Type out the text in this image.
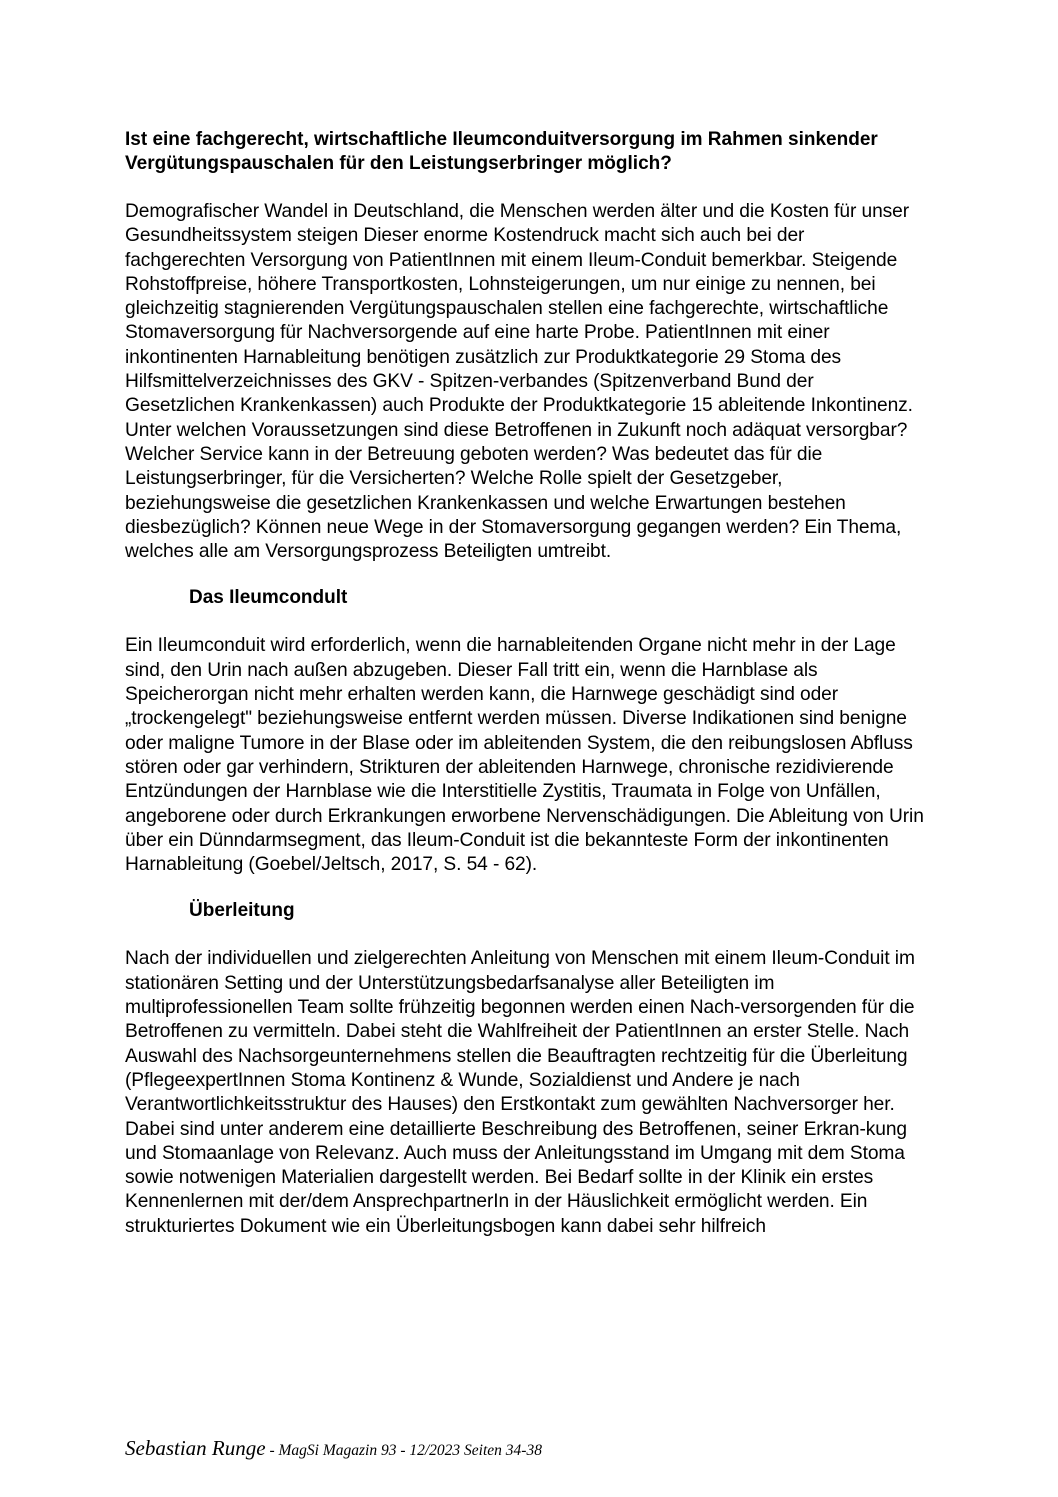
Ist eine fachgerecht, wirtschaftliche Ileumconduitversorgung im Rahmen sinkender Vergütungspauschalen für den Leistungserbringer möglich?

Demografischer Wandel in Deutschland, die Menschen werden älter und die Kosten für unser Gesundheitssystem steigen Dieser enorme Kostendruck macht sich auch bei der fachgerechten Versorgung von PatientInnen mit einem Ileum-Conduit bemerkbar. Steigende Rohstoffpreise, höhere Transportkosten, Lohnsteigerungen, um nur einige zu nennen, bei gleichzeitig stagnierenden Vergütungspauschalen stellen eine fachgerechte, wirtschaftliche Stomaversorgung für Nachversorgende auf eine harte Probe. PatientInnen mit einer inkontinenten Harnableitung benötigen zusätzlich zur Produktkategorie 29 Stoma des Hilfsmittelverzeichnisses des GKV - Spitzen-verbandes (Spitzenverband Bund der Gesetzlichen Krankenkassen) auch Produkte der Produktkategorie 15 ableitende Inkontinenz. Unter welchen Voraussetzungen sind diese Betroffenen in Zukunft noch adäquat versorgbar? Welcher Service kann in der Betreuung geboten werden? Was bedeutet das für die Leistungserbringer, für die Versicherten? Welche Rolle spielt der Gesetzgeber, beziehungsweise die gesetzlichen Krankenkassen und welche Erwartungen bestehen diesbezüglich? Können neue Wege in der Stomaversorgung gegangen werden? Ein Thema, welches alle am Versorgungsprozess Beteiligten umtreibt.

Das Ileumcondult

Ein Ileumconduit wird erforderlich, wenn die harnableitenden Organe nicht mehr in der Lage sind, den Urin nach außen abzugeben. Dieser Fall tritt ein, wenn die Harnblase als Speicherorgan nicht mehr erhalten werden kann, die Harnwege geschädigt sind oder „trockengelegt" beziehungsweise entfernt werden müssen. Diverse Indikationen sind benigne oder maligne Tumore in der Blase oder im ableitenden System, die den reibungslosen Abfluss stören oder gar verhindern, Strikturen der ableitenden Harnwege, chronische rezidivierende Entzündungen der Harnblase wie die Interstitielle Zystitis, Traumata in Folge von Unfällen, angeborene oder durch Erkrankungen erworbene Nervenschädigungen. Die Ableitung von Urin über ein Dünndarmsegment, das Ileum-Conduit ist die bekannteste Form der inkontinenten Harnableitung (Goebel/Jeltsch, 2017, S. 54 - 62).

Überleitung

Nach der individuellen und zielgerechten Anleitung von Menschen mit einem Ileum-Conduit im stationären Setting und der Unterstützungsbedarfsanalyse aller Beteiligten im multiprofessionellen Team sollte frühzeitig begonnen werden einen Nach-versorgenden für die Betroffenen zu vermitteln. Dabei steht die Wahlfreiheit der PatientInnen an erster Stelle. Nach Auswahl des Nachsorgeunternehmens stellen die Beauftragten rechtzeitig für die Überleitung (PflegeexpertInnen Stoma Kontinenz & Wunde, Sozialdienst und Andere je nach Verantwortlichkeitsstruktur des Hauses) den Erstkontakt zum gewählten Nachversorger her. Dabei sind unter anderem eine detaillierte Beschreibung des Betroffenen, seiner Erkran-kung und Stomaanlage von Relevanz. Auch muss der Anleitungsstand im Umgang mit dem Stoma sowie notwenigen Materialien dargestellt werden. Bei Bedarf sollte in der Klinik ein erstes Kennenlernen mit der/dem AnsprechpartnerIn in der Häuslichkeit ermöglicht werden. Ein strukturiertes Dokument wie ein Überleitungsbogen kann dabei sehr hilfreich

Sebastian Runge - MagSi Magazin 93 - 12/2023 Seiten 34-38
